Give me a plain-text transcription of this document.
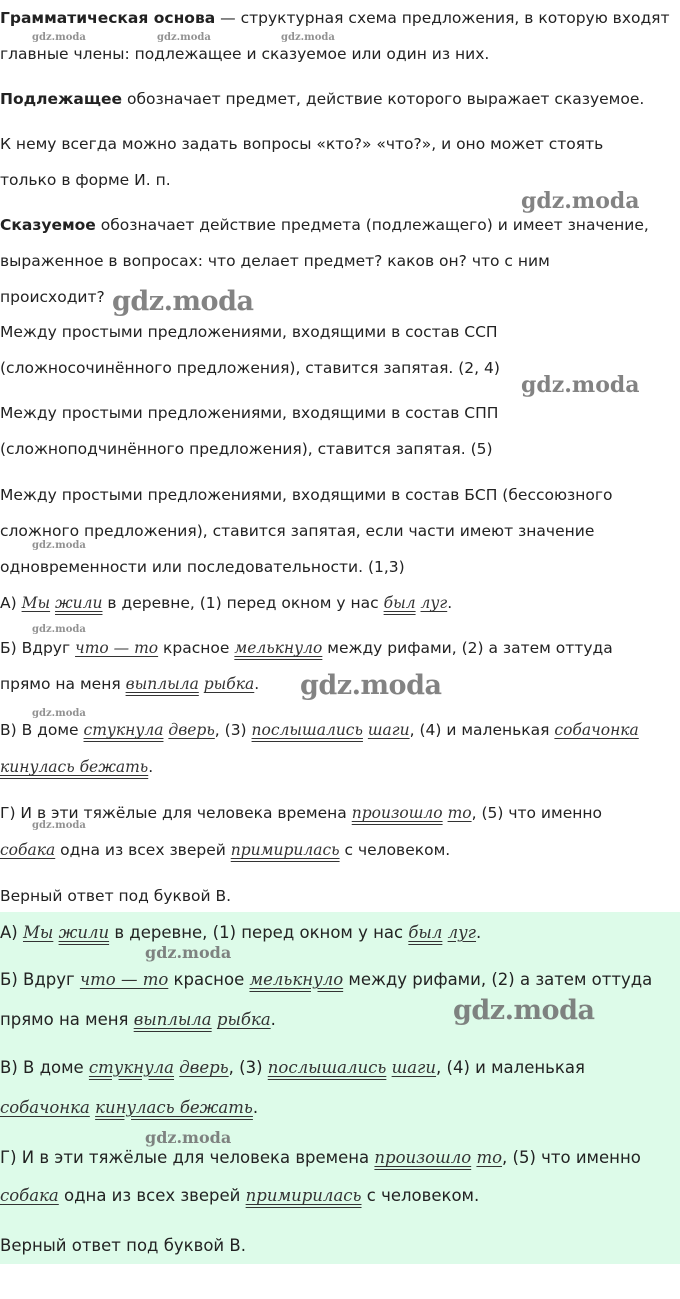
Грамматическая основа — структурная схема предложения, в которую входят
главные члены: подлежащее и сказуемое или один из них.
Подлежащее обозначает предмет, действие которого выражает сказуемое.
К нему всегда можно задать вопросы «кто?» «что?», и оно может стоять
только в форме И. п.
Сказуемое обозначает действие предмета (подлежащего) и имеет значение,
выраженное в вопросах: что делает предмет? каков он? что с ним
происходит?
Между простыми предложениями, входящими в состав ССП
(сложносочинённого предложения), ставится запятая. (2, 4)
Между простыми предложениями, входящими в состав СПП
(сложноподчинённого предложения), ставится запятая. (5)
Между простыми предложениями, входящими в состав БСП (бессоюзного
сложного предложения), ставится запятая, если части имеют значение
одновременности или последовательности. (1,3)
А) Мы жили в деревне, (1) перед окном у нас был луг.
Б) Вдруг что — то красное мелькнуло между рифами, (2) а затем оттуда
прямо на меня выплыла рыбка.
В) В доме стукнула дверь, (3) послышались шаги, (4) и маленькая собачонка
кинулась бежать.
Г) И в эти тяжёлые для человека времена произошло то, (5) что именно
собака одна из всех зверей примирилась с человеком.
Верный ответ под буквой В.
А) Мы жили в деревне, (1) перед окном у нас был луг.
Б) Вдруг что — то красное мелькнуло между рифами, (2) а затем оттуда
прямо на меня выплыла рыбка.
В) В доме стукнула дверь, (3) послышались шаги, (4) и маленькая
собачонка кинулась бежать.
Г) И в эти тяжёлые для человека времена произошло то, (5) что именно
собака одна из всех зверей примирилась с человеком.
Верный ответ под буквой В.
gdz.moda	gdz.moda	gdz.moda
gdz.moda
gdz.moda
gdz.moda
gdz.moda
gdz.moda
gdz.moda
gdz.moda
gdz.moda
gdz.moda
gdz.moda
gdz.moda
